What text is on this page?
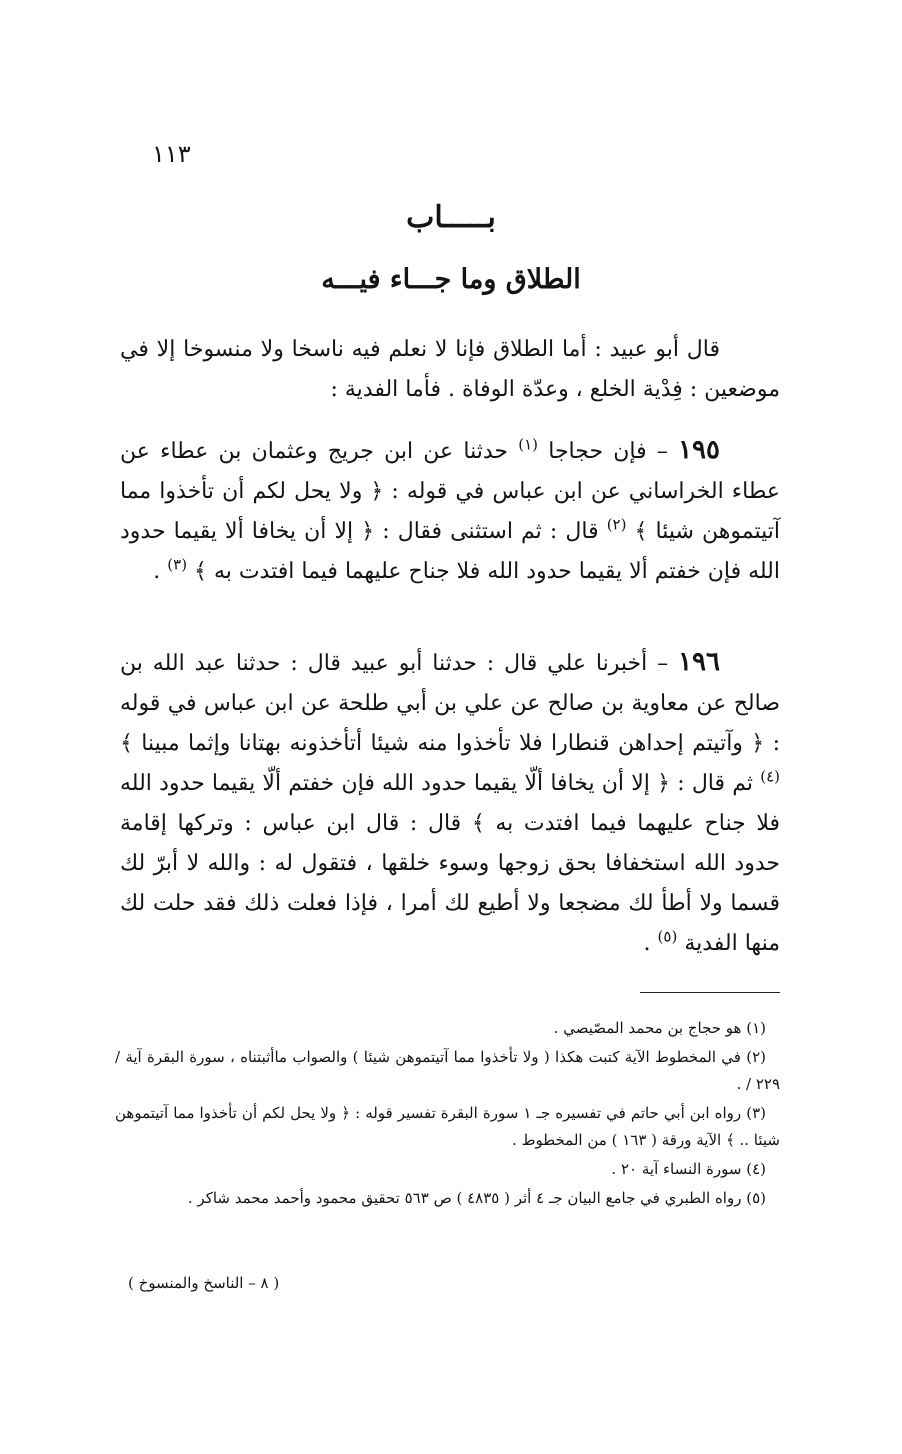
١١٣
بـــــاب
الطلاق وما جـــاء فيـــه

قال أبو عبيد : أما الطلاق فإنا لا نعلم فيه ناسخا ولا منسوخا إلا في موضعين : فِدْية الخلع ، وعدّة الوفاة . فأما الفدية :

١٩٥ – فإن حجاجا $^{(١)}$ حدثنا عن ابن جريج وعثمان بن عطاء عن عطاء الخراساني عن ابن عباس في قوله : ﴿ ولا يحل لكم أن تأخذوا مما آتيتموهن شيئا ﴾ $^{(٢)}$ قال : ثم استثنى فقال : ﴿ إلا أن يخافا ألا يقيما حدود الله فإن خفتم ألا يقيما حدود الله فلا جناح عليهما فيما افتدت به ﴾ $^{(٣)}$ .

١٩٦ – أخبرنا علي قال : حدثنا أبو عبيد قال : حدثنا عبد الله بن صالح عن معاوية بن صالح عن علي بن أبي طلحة عن ابن عباس في قوله : ﴿ وآتيتم إحداهن قنطارا فلا تأخذوا منه شيئا أتأخذونه بهتانا وإثما مبينا ﴾ $^{(٤)}$ ثم قال : ﴿ إلا أن يخافا ألّا يقيما حدود الله فإن خفتم ألّا يقيما حدود الله فلا جناح عليهما فيما افتدت به ﴾ قال : قال ابن عباس : وتركها إقامة حدود الله استخفافا بحق زوجها وسوء خلقها ، فتقول له : والله لا أبرّ لك قسما ولا أطأ لك مضجعا ولا أطيع لك أمرا ، فإذا فعلت ذلك فقد حلت لك منها الفدية $^{(٥)}$ .

(١) هو حجاج بن محمد المصّيصي .

(٢) في المخطوط الآية كتبت هكذا ( ولا تأخذوا مما آتيتموهن شيئا ) والصواب ماأثبتناه ، سورة البقرة آية / ٢٢٩ / .

(٣) رواه ابن أبي حاتم في تفسيره جـ ١ سورة البقرة تفسير قوله : ﴿ ولا يحل لكم أن تأخذوا مما آتيتموهن شيئا .. ﴾ الآية ورقة ( ١٦٣ ) من المخطوط .

(٤) سورة النساء آية ٢٠ .

(٥) رواه الطبري في جامع البيان جـ ٤ أثر ( ٤٨٣٥ ) ص ٥٦٣ تحقيق محمود وأحمد محمد شاكر .

( ٨ – الناسخ والمنسوخ )
